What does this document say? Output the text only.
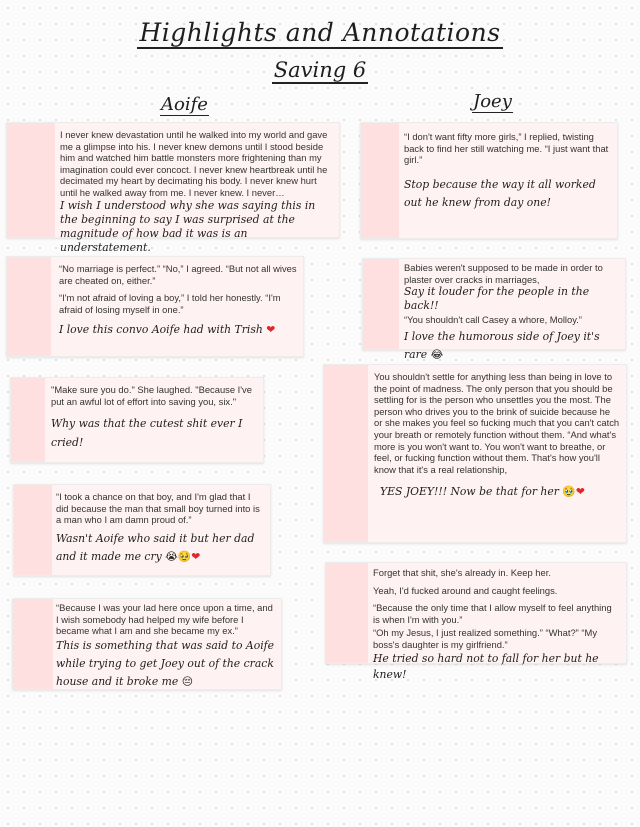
Highlights and Annotations
Saving 6
Aoife	Joey

I never knew devastation until he walked into my world and gave me a glimpse into his. I never knew demons until I stood beside him and watched him battle monsters more frightening than my imagination could ever concoct. I never knew heartbreak until he decimated my heart by decimating his body. I never knew hurt until he walked away from me. I never knew. I never…

I wish I understood why she was saying this in the beginning to say I was surprised at the magnitude of how bad it was is an understatement.

“No marriage is perfect.” “No,” I agreed. “But not all wives are cheated on, either.”

“I'm not afraid of loving a boy,” I told her honestly. “I'm afraid of losing myself in one.”

I love this convo Aoife had with Trish ❤

"Make sure you do." She laughed. "Because I've put an awful lot of effort into saving you, six."

Why was that the cutest shit ever I cried!

“I took a chance on that boy, and I'm glad that I did because the man that small boy turned into is a man who I am damn proud of.”

Wasn't Aoife who said it but her dad and it made me cry 😭🥹❤

“Because I was your lad here once upon a time, and I wish somebody had helped my wife before I became what I am and she became my ex.”

This is something that was said to Aoife while trying to get Joey out of the crack house and it broke me 😔

“I don't want fifty more girls,” I replied, twisting back to find her still watching me. “I just want that girl.”

Stop because the way it all worked out he knew from day one!

Babies weren't supposed to be made in order to plaster over cracks in marriages,

Say it louder for the people in the back!!

“You shouldn't call Casey a whore, Molloy.”

I love the humorous side of Joey it's rare 😂

You shouldn't settle for anything less than being in love to the point of madness. The only person that you should be settling for is the person who unsettles you the most. The person who drives you to the brink of suicide because he or she makes you feel so fucking much that you can't catch your breath or remotely function without them. “And what's more is you won't want to. You won't want to breathe, or feel, or fucking function without them. That's how you'll know that it's a real relationship,

YES JOEY!!! Now be that for her 🥹❤

Forget that shit, she's already in. Keep her.

Yeah, I'd fucked around and caught feelings.

“Because the only time that I allow myself to feel anything is when I'm with you.”

“Oh my Jesus, I just realized something.” “What?” “My boss's daughter is my girlfriend.”

He tried so hard not to fall for her but he knew!
